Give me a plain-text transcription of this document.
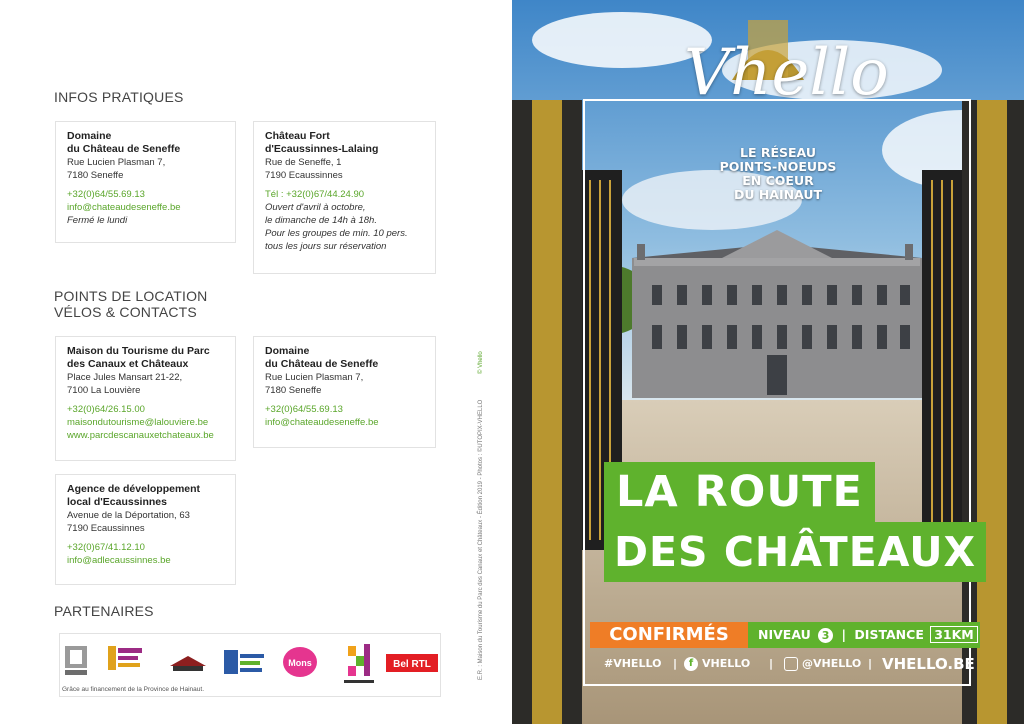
INFOS PRATIQUES
Domaine
du Château de Seneffe
Rue Lucien Plasman 7,
7180 Seneffe
+32(0)64/55.69.13
info@chateaudeseneffe.be
Fermé le lundi
Château Fort
d'Ecaussinnes-Lalaing
Rue de Seneffe, 1
7190 Ecaussinnes
Tél : +32(0)67/44.24.90
Ouvert d'avril à octobre,
le dimanche de 14h à 18h.
Pour les groupes de min. 10 pers.
tous les jours sur réservation
POINTS DE LOCATION
VÉLOS & CONTACTS
Maison du Tourisme du Parc
des Canaux et Châteaux
Place Jules Mansart 21-22,
7100 La Louvière
+32(0)64/26.15.00
maisondutourisme@lalouviere.be
www.parcdescanauxetchateaux.be
Domaine
du Château de Seneffe
Rue Lucien Plasman 7,
7180 Seneffe
+32(0)64/55.69.13
info@chateaudeseneffe.be
Agence de développement
local d'Ecaussinnes
Avenue de la Déportation, 63
7190 Ecaussinnes
+32(0)67/41.12.10
info@adlecaussinnes.be
PARTENAIRES
Mons	Bel RTL
Grâce au financement de la Province de Hainaut.
E.R. : Maison du Tourisme du Parc des Canaux et Châteaux - Édition 2019 - Photos : ©UTOPIX-VHELLO
© Vhello
Vhello
LE RÉSEAU
POINTS-NOEUDS
EN COEUR
DU HAINAUT
LA ROUTE
DES CHÂTEAUX
CONFIRMÉS	NIVEAU 3 | DISTANCE 31KM
#VHELLO |	f VHELLO |	@VHELLO | VHELLO.BE
